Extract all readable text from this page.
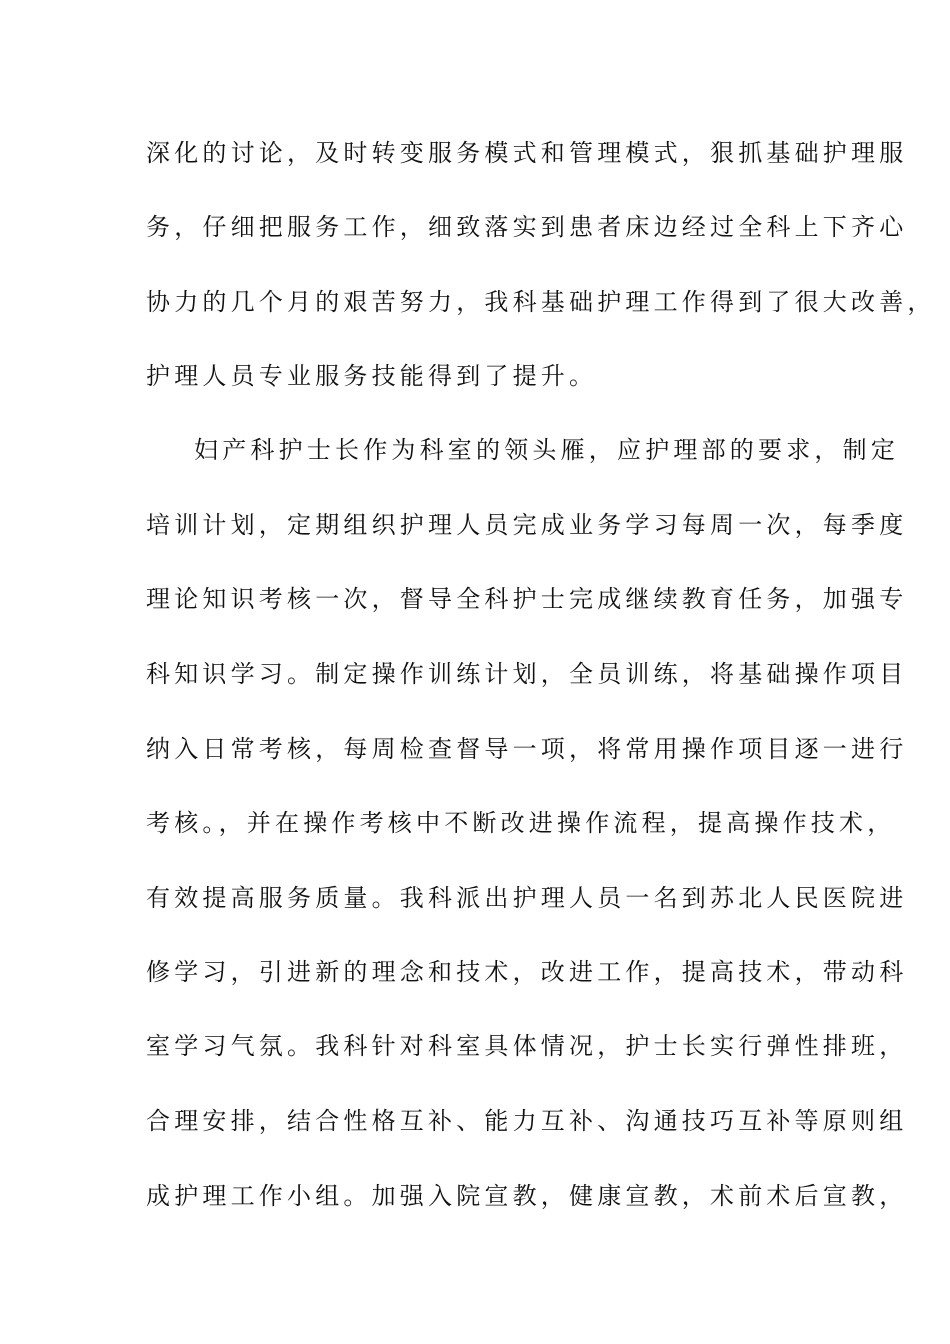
深化的讨论，及时转变服务模式和管理模式，狠抓基础护理服
务，仔细把服务工作，细致落实到患者床边经过全科上下齐心
协力的几个月的艰苦努力，我科基础护理工作得到了很大改善，
护理人员专业服务技能得到了提升。
妇产科护士长作为科室的领头雁，应护理部的要求，制定
培训计划，定期组织护理人员完成业务学习每周一次，每季度
理论知识考核一次，督导全科护士完成继续教育任务，加强专
科知识学习。制定操作训练计划，全员训练，将基础操作项目
纳入日常考核，每周检查督导一项，将常用操作项目逐一进行
考核。，并在操作考核中不断改进操作流程，提高操作技术，
有效提高服务质量。我科派出护理人员一名到苏北人民医院进
修学习，引进新的理念和技术，改进工作，提高技术，带动科
室学习气氛。我科针对科室具体情况，护士长实行弹性排班，
合理安排，结合性格互补、能力互补、沟通技巧互补等原则组
成护理工作小组。加强入院宣教，健康宣教，术前术后宣教，
